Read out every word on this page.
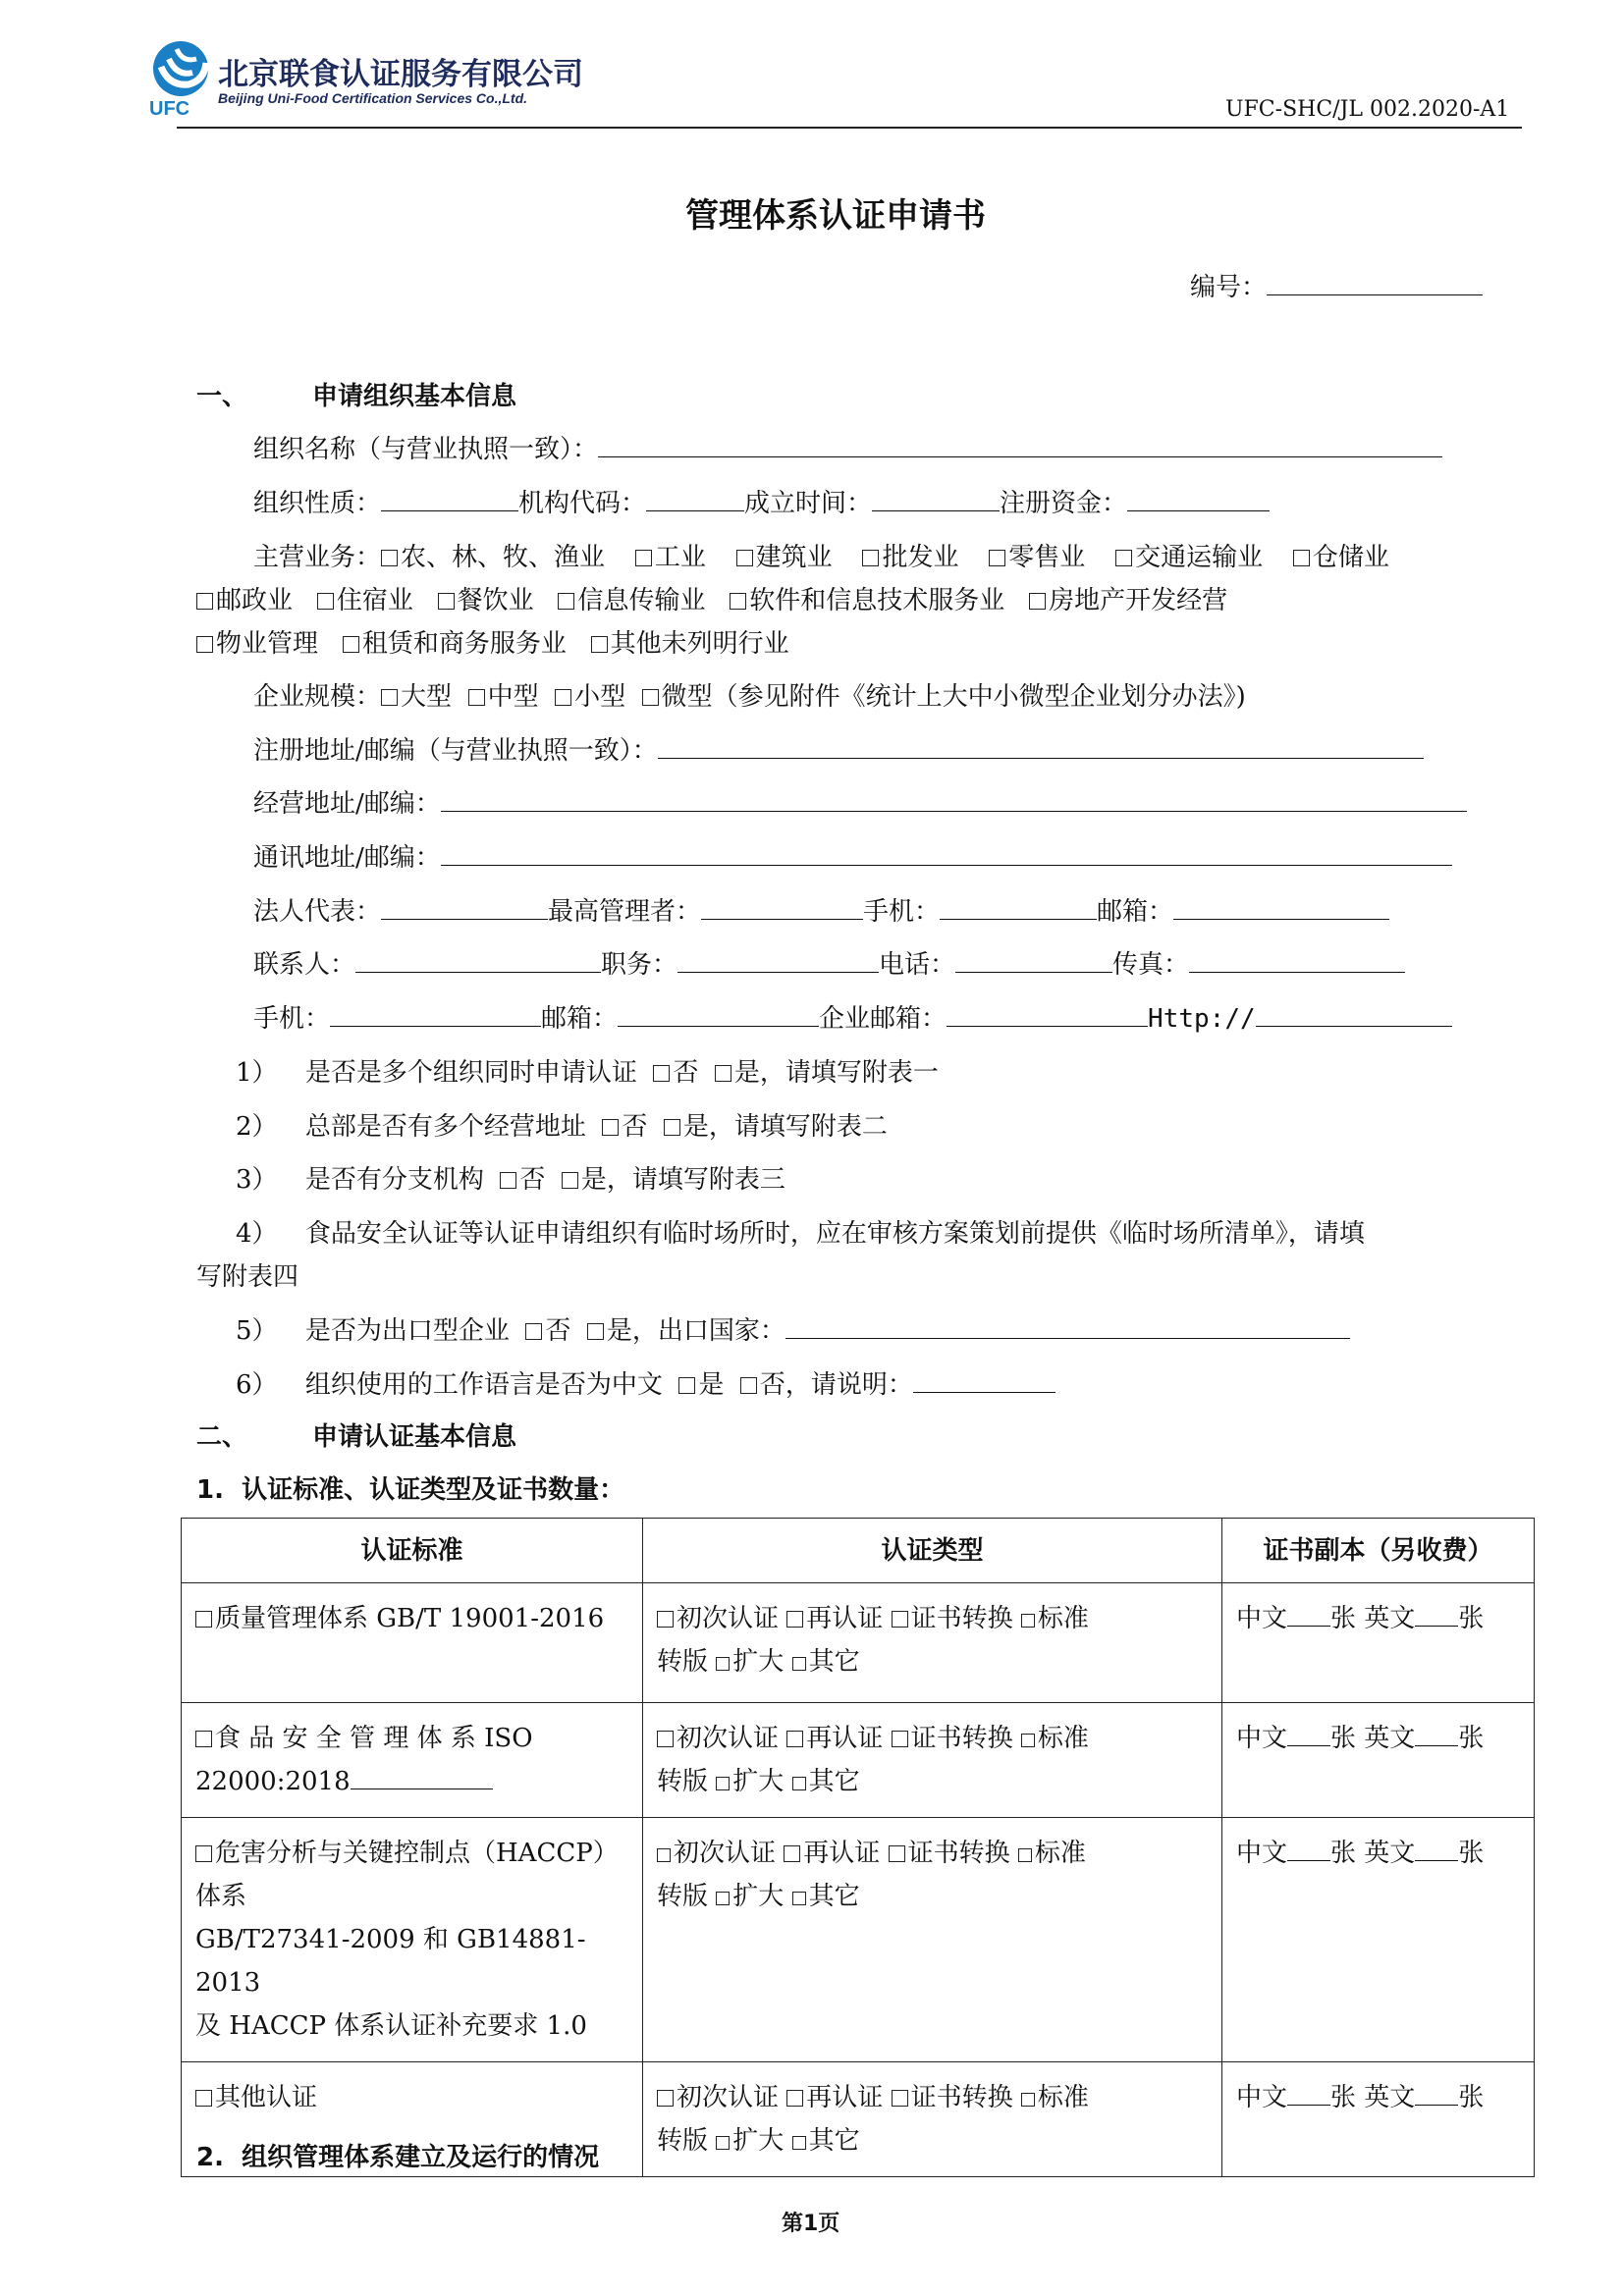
UFC
北京联食认证服务有限公司
Beijing Uni-Food Certification Services Co.,Ltd.	UFC-SHC/JL 002.2020-A1
管理体系认证申请书
编号：
一、	申请组织基本信息
组织名称（与营业执照一致）：
组织性质：	机构代码：	成立时间：	注册资金：
主营业务： 农、林、牧、渔业 工业 建筑业 批发业 零售业 交通运输业 仓储业
邮政业 住宿业 餐饮业 信息传输业 软件和信息技术服务业 房地产开发经营
物业管理 租赁和商务服务业 其他未列明行业
企业规模： 大型 中型 小型 微型（参见附件《统计上大中小微型企业划分办法》)
注册地址/邮编（与营业执照一致）：
经营地址/邮编：
通讯地址/邮编：
法人代表：	最高管理者：	手机：	邮箱：
联系人：	职务：	电话：	传真：
手机：	邮箱：	企业邮箱：	Http://
1） 是否是多个组织同时申请认证 否 是，请填写附表一
2） 总部是否有多个经营地址 否 是，请填写附表二
3） 是否有分支机构 否 是，请填写附表三
4） 食品安全认证等认证申请组织有临时场所时，应在审核方案策划前提供《临时场所清单》，请填
写附表四
5） 是否为出口型企业 否 是，出口国家：
6） 组织使用的工作语言是否为中文 是 否，请说明：
二、	申请认证基本信息
1.  认证标准、认证类型及证书数量：
认证标准	认证类型	证书副本（另收费）
质量管理体系 GB/T 19001-2016	初次认证 再认证 证书转换 标准
转版 扩大 其它	中文 张 英文 张
食 品 安 全 管 理 体 系 ISO
22000:2018	初次认证 再认证 证书转换 标准
转版 扩大 其它	中文 张 英文 张
危害分析与关键控制点（HACCP）
体系
GB/T27341-2009 和 GB14881-2013
及 HACCP 体系认证补充要求 1.0	初次认证 再认证 证书转换 标准
转版 扩大 其它	中文 张 英文 张
其他认证	初次认证 再认证 证书转换 标准
转版 扩大 其它	中文 张 英文 张
2.  组织管理体系建立及运行的情况
第1页
